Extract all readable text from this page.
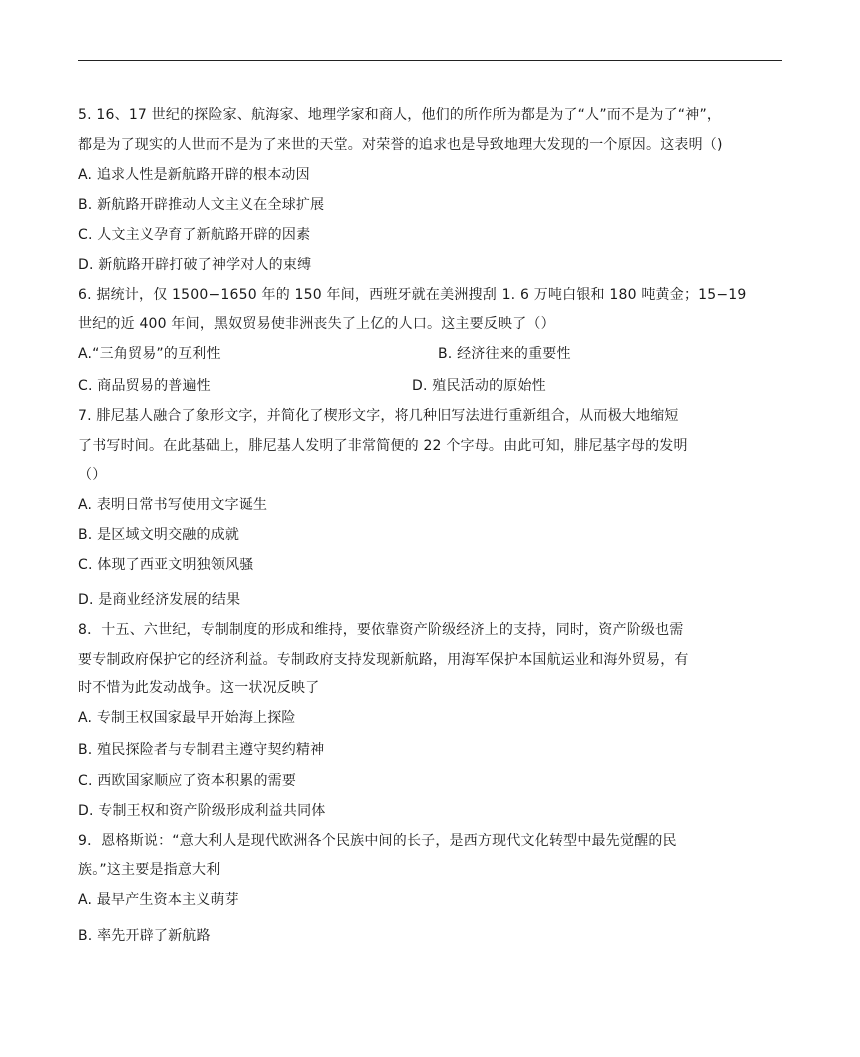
5. 16、17 世纪的探险家、航海家、地理学家和商人，他们的所作所为都是为了“人”而不是为了“神”，
都是为了现实的人世而不是为了来世的天堂。对荣誉的追求也是导致地理大发现的一个原因。这表明（)
A. 追求人性是新航路开辟的根本动因
B. 新航路开辟推动人文主义在全球扩展
C. 人文主义孕育了新航路开辟的因素
D. 新航路开辟打破了神学对人的束缚
6. 据统计，仅 1500−1650 年的 150 年间，西班牙就在美洲搜刮 1. 6 万吨白银和 180 吨黄金；15−19
世纪的近 400 年间，黑奴贸易使非洲丧失了上亿的人口。这主要反映了（）
A.“三角贸易”的互利性	B. 经济往来的重要性
C. 商品贸易的普遍性	D. 殖民活动的原始性
7. 腓尼基人融合了象形文字，并简化了楔形文字，将几种旧写法进行重新组合，从而极大地缩短
了书写时间。在此基础上，腓尼基人发明了非常简便的 22 个字母。由此可知，腓尼基字母的发明
（）
A. 表明日常书写使用文字诞生
B. 是区域文明交融的成就
C. 体现了西亚文明独领风骚
D. 是商业经济发展的结果
8．十五、六世纪，专制制度的形成和维持，要依靠资产阶级经济上的支持，同时，资产阶级也需
要专制政府保护它的经济利益。专制政府支持发现新航路，用海军保护本国航运业和海外贸易，有
时不惜为此发动战争。这一状况反映了
A. 专制王权国家最早开始海上探险
B. 殖民探险者与专制君主遵守契约精神
C. 西欧国家顺应了资本积累的需要
D. 专制王权和资产阶级形成利益共同体
9．恩格斯说：“意大利人是现代欧洲各个民族中间的长子，是西方现代文化转型中最先觉醒的民
族。”这主要是指意大利
A. 最早产生资本主义萌芽
B. 率先开辟了新航路
